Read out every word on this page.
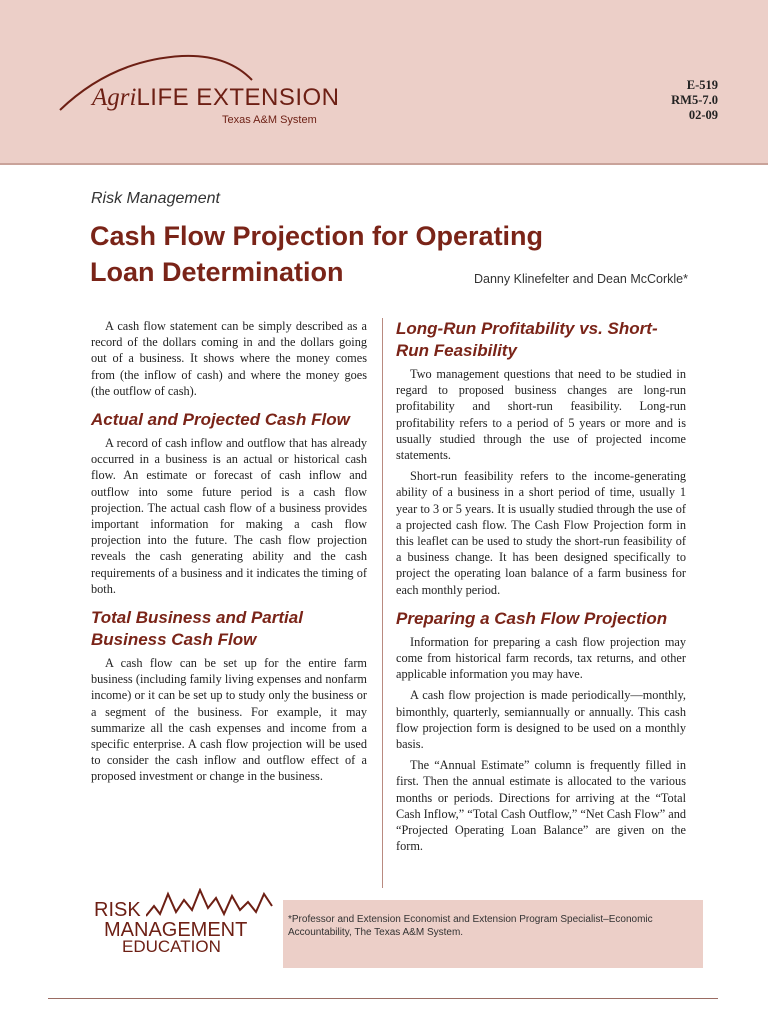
AgriLIFE EXTENSION
Texas A&M System
E-519
RM5-7.0
02-09
Risk Management
Cash Flow Projection for Operating
Loan Determination	Danny Klinefelter and Dean McCorkle*

A cash flow statement can be simply described as a record of the dollars coming in and the dollars going out of a business. It shows where the money comes from (the inflow of cash) and where the money goes (the outflow of cash).

Actual and Projected Cash Flow

A record of cash inflow and outflow that has already occurred in a business is an actual or historical cash flow. An estimate or forecast of cash inflow and outflow into some future period is a cash flow projection. The actual cash flow of a business provides important information for making a cash flow projection into the future. The cash flow projection reveals the cash generating ability and the cash requirements of a business and it indicates the timing of both.

Total Business and Partial Business Cash Flow

A cash flow can be set up for the entire farm business (including family living expenses and nonfarm income) or it can be set up to study only the business or a segment of the business. For example, it may summarize all the cash expenses and income from a specific enterprise. A cash flow projection will be used to consider the cash inflow and outflow effect of a proposed investment or change in the business.

Long-Run Profitability vs. Short-Run Feasibility

Two management questions that need to be studied in regard to proposed business changes are long-run profitability and short-run feasibility. Long-run profitability refers to a period of 5 years or more and is usually studied through the use of projected income statements.

Short-run feasibility refers to the income-generating ability of a business in a short period of time, usually 1 year to 3 or 5 years. It is usually studied through the use of a projected cash flow. The Cash Flow Projection form in this leaflet can be used to study the short-run feasibility of a business change. It has been designed specifically to project the operating loan balance of a farm business for each monthly period.

Preparing a Cash Flow Projection

Information for preparing a cash flow projection may come from historical farm records, tax returns, and other applicable information you may have.

A cash flow projection is made periodically—monthly, bimonthly, quarterly, semiannually or annually. This cash flow projection form is designed to be used on a monthly basis.

The “Annual Estimate” column is frequently filled in first. Then the annual estimate is allocated to the various months or periods. Directions for arriving at the “Total Cash Inflow,” “Total Cash Outflow,” “Net Cash Flow” and “Projected Operating Loan Balance” are given on the form.

RISK
MANAGEMENT
EDUCATION
*Professor and Extension Economist and Extension Program Specialist–Economic Accountability, The Texas A&M System.
